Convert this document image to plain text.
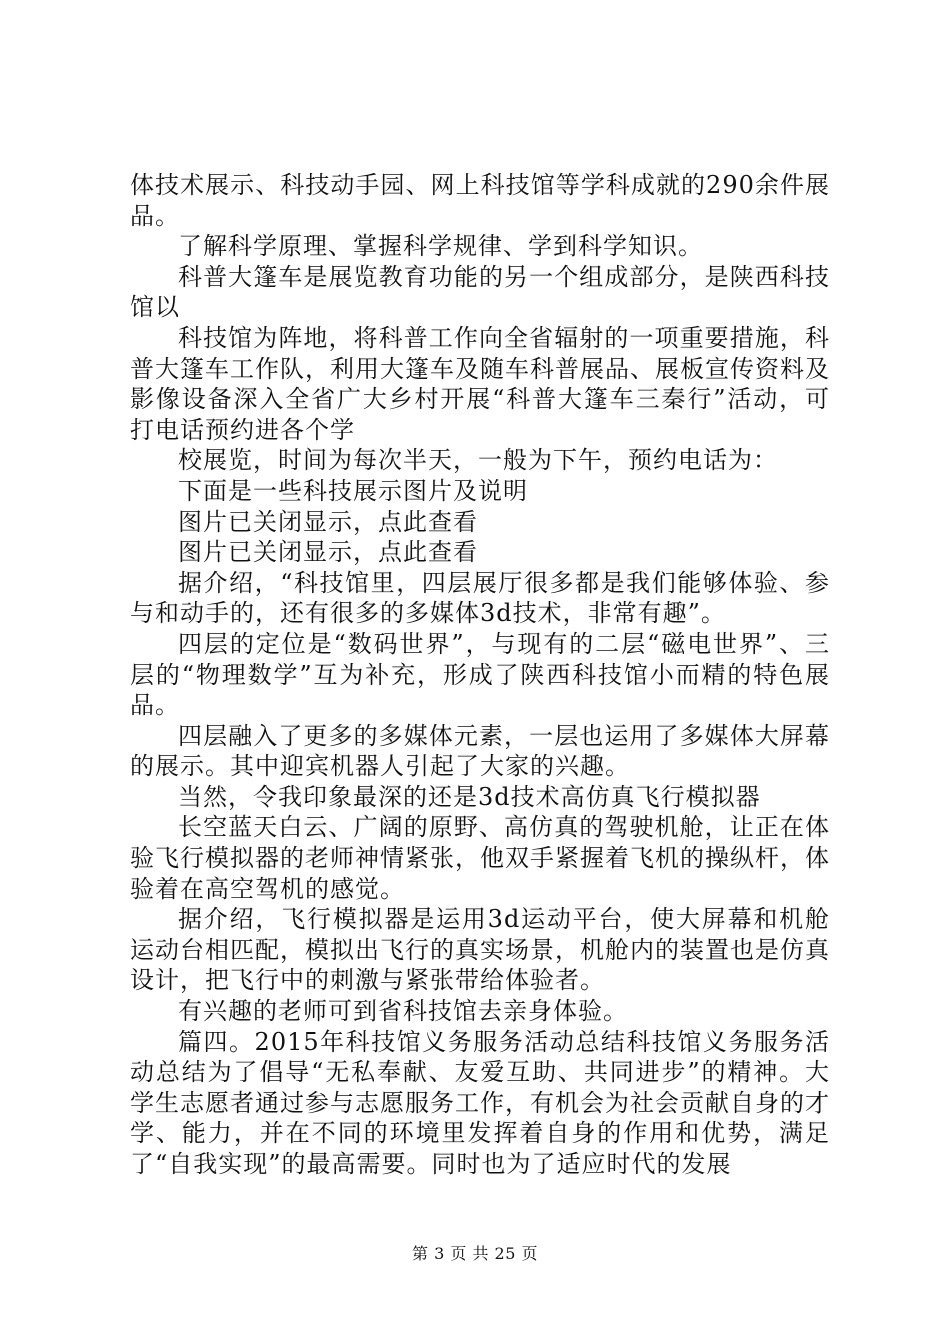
体技术展示、科技动手园、网上科技馆等学科成就的290余件展品。

了解科学原理、掌握科学规律、学到科学知识。

科普大篷车是展览教育功能的另一个组成部分，是陕西科技馆以

科技馆为阵地，将科普工作向全省辐射的一项重要措施，科普大篷车工作队，利用大篷车及随车科普展品、展板宣传资料及影像设备深入全省广大乡村开展“科普大篷车三秦行”活动，可打电话预约进各个学

校展览，时间为每次半天，一般为下午，预约电话为：

下面是一些科技展示图片及说明

图片已关闭显示，点此查看

图片已关闭显示，点此查看

据介绍，“科技馆里，四层展厅很多都是我们能够体验、参与和动手的，还有很多的多媒体3d技术，非常有趣”。

四层的定位是“数码世界”，与现有的二层“磁电世界”、三层的“物理数学”互为补充，形成了陕西科技馆小而精的特色展品。

四层融入了更多的多媒体元素，一层也运用了多媒体大屏幕的展示。其中迎宾机器人引起了大家的兴趣。

当然，令我印象最深的还是3d技术高仿真飞行模拟器

长空蓝天白云、广阔的原野、高仿真的驾驶机舱，让正在体验飞行模拟器的老师神情紧张，他双手紧握着飞机的操纵杆，体验着在高空驾机的感觉。

据介绍，飞行模拟器是运用3d运动平台，使大屏幕和机舱运动台相匹配，模拟出飞行的真实场景，机舱内的装置也是仿真设计，把飞行中的刺激与紧张带给体验者。

有兴趣的老师可到省科技馆去亲身体验。

篇四。2015年科技馆义务服务活动总结科技馆义务服务活动总结为了倡导“无私奉献、友爱互助、共同进步”的精神。大学生志愿者通过参与志愿服务工作，有机会为社会贡献自身的才学、能力，并在不同的环境里发挥着自身的作用和优势，满足了“自我实现”的最高需要。同时也为了适应时代的发展

第 3 页 共 25 页
